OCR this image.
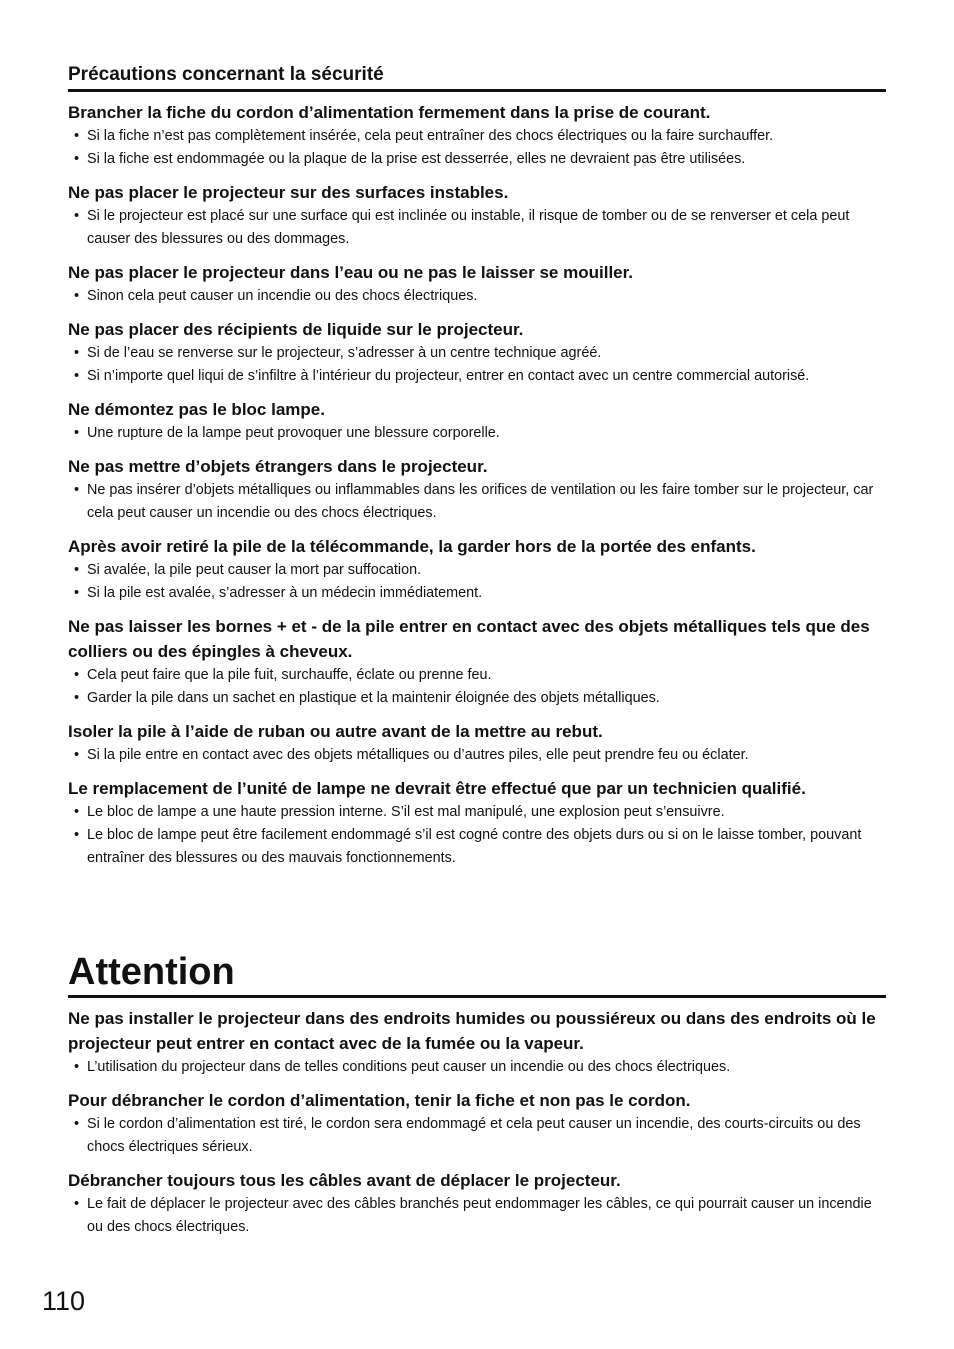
Précautions concernant la sécurité

Brancher la fiche du cordon d’alimentation fermement dans la prise de courant.

• Si la fiche n’est pas complètement insérée, cela peut entraîner des chocs électriques ou la faire surchauffer.
• Si la fiche est endommagée ou la plaque de la prise est desserrée, elles ne devraient pas être utilisées.

Ne pas placer le projecteur sur des surfaces instables.

• Si le projecteur est placé sur une surface qui est inclinée ou instable, il risque de tomber ou de se renverser et cela peut causer des blessures ou des dommages.

Ne pas placer le projecteur dans l’eau ou ne pas le laisser se mouiller.

• Sinon cela peut causer un incendie ou des chocs électriques.

Ne pas placer des récipients de liquide sur le projecteur.

• Si de l’eau se renverse sur le projecteur, s’adresser à un centre technique agréé.
• Si n’importe quel liqui de s’infiltre à l’intérieur du projecteur, entrer en contact avec un centre commercial autorisé.

Ne démontez pas le bloc lampe.

• Une rupture de la lampe peut provoquer une blessure corporelle.

Ne pas mettre d’objets étrangers dans le projecteur.

• Ne pas insérer d’objets métalliques ou inflammables dans les orifices de ventilation ou les faire tomber sur le projecteur, car cela peut causer un incendie ou des chocs électriques.

Après avoir retiré la pile de la télécommande, la garder hors de la portée des enfants.

• Si avalée, la pile peut causer la mort par suffocation.
• Si la pile est avalée, s’adresser à un médecin immédiatement.

Ne pas laisser les bornes + et - de la pile entrer en contact avec des objets métalliques tels que des colliers ou des épingles à cheveux.

• Cela peut faire que la pile fuit, surchauffe, éclate ou prenne feu.
• Garder la pile dans un sachet en plastique et la maintenir éloignée des objets métalliques.

Isoler la pile à l’aide de ruban ou autre avant de la mettre au rebut.

• Si la pile entre en contact avec des objets métalliques ou d’autres piles, elle peut prendre feu ou éclater.

Le remplacement de l’unité de lampe ne devrait être effectué que par un technicien qualifié.

• Le bloc de lampe a une haute pression interne. S’il est mal manipulé, une explosion peut s’ensuivre.
• Le bloc de lampe peut être facilement endommagé s’il est cogné contre des objets durs ou si on le laisse tomber, pouvant entraîner des blessures ou des mauvais fonctionnements.
Attention

Ne pas installer le projecteur dans des endroits humides ou poussiéreux ou dans des endroits où le projecteur peut entrer en contact avec de la fumée ou la vapeur.

• L’utilisation du projecteur dans de telles conditions peut causer un incendie ou des chocs électriques.

Pour débrancher le cordon d’alimentation, tenir la fiche et non pas le cordon.

• Si le cordon d’alimentation est tiré, le cordon sera endommagé et cela peut causer un incendie, des courts-circuits ou des chocs électriques sérieux.

Débrancher toujours tous les câbles avant de déplacer le projecteur.

• Le fait de déplacer le projecteur avec des câbles branchés peut endommager les câbles, ce qui pourrait causer un incendie ou des chocs électriques.
110
